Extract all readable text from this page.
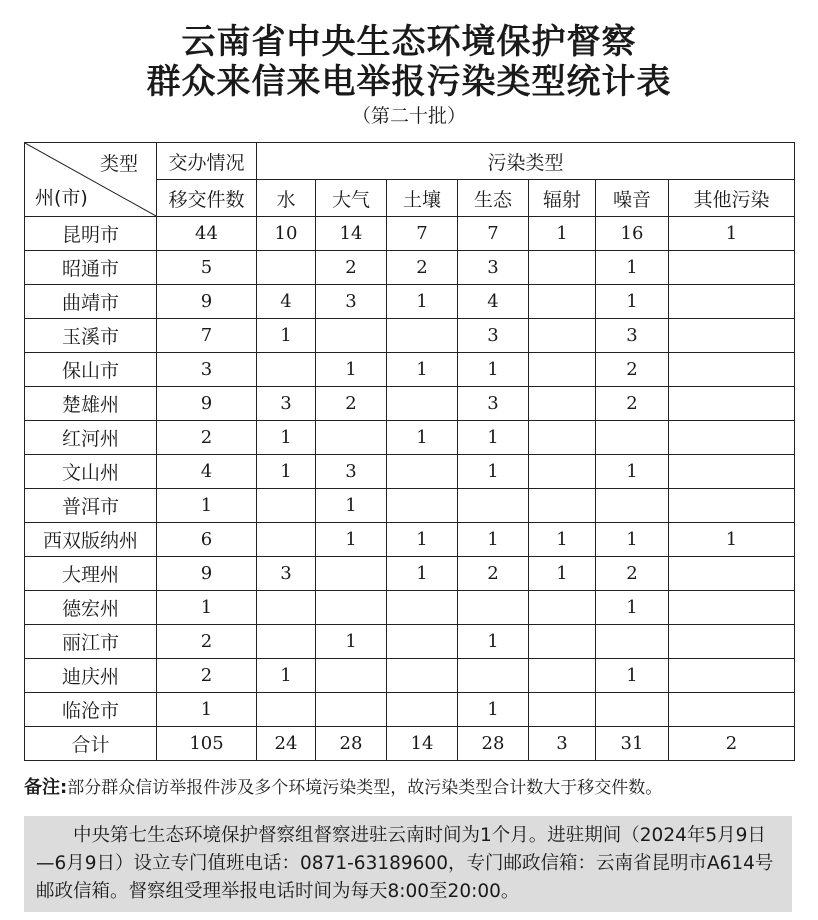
云南省中央生态环境保护督察
群众来信来电举报污染类型统计表
（第二十批）
类型
州(市)	交办情况	污染类型						
	移交件数	水	大气	土壤	生态	辐射	噪音	其他污染
昆明市	44	10	14	7	7	1	16	1
昭通市	5		2	2	3		1	
曲靖市	9	4	3	1	4		1	
玉溪市	7	1			3		3	
保山市	3		1	1	1		2	
楚雄州	9	3	2		3		2	
红河州	2	1		1	1			
文山州	4	1	3		1		1	
普洱市	1		1					
西双版纳州	6		1	1	1	1	1	1
大理州	9	3		1	2	1	2	
德宏州	1						1	
丽江市	2		1		1			
迪庆州	2	1					1	
临沧市	1				1			
合计	105	24	28	14	28	3	31	2
备注:部分群众信访举报件涉及多个环境污染类型，故污染类型合计数大于移交件数。

中央第七生态环境保护督察组督察进驻云南时间为1个月。进驻期间（2024年5月9日—6月9日）设立专门值班电话：0871-63189600，专门邮政信箱：云南省昆明市A614号邮政信箱。督察组受理举报电话时间为每天8:00至20:00。
